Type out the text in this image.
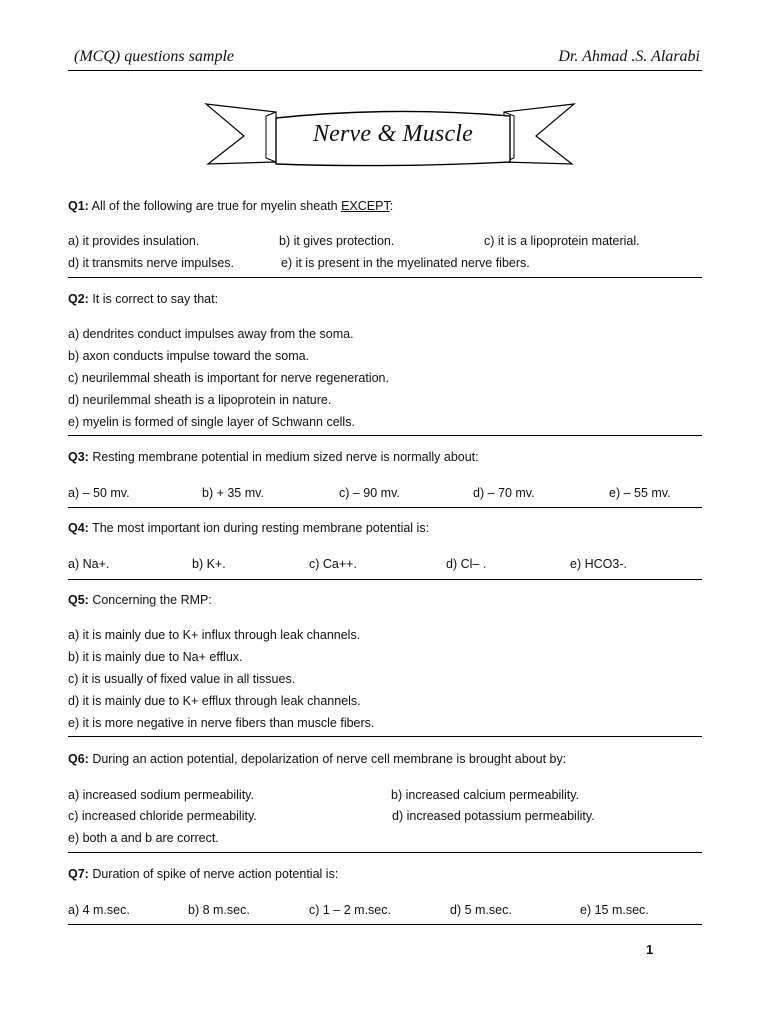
(MCQ) questions sample	Dr. Ahmad .S. Alarabi
Nerve & Muscle
Q1: All of the following are true for myelin sheath EXCEPT:
a) it provides insulation.	b) it gives protection.	c) it is a lipoprotein material.
d) it transmits nerve impulses.	e) it is present in the myelinated nerve fibers.
Q2: It is correct to say that:
a) dendrites conduct impulses away from the soma.
b) axon conducts impulse toward the soma.
c) neurilemmal sheath is important for nerve regeneration.
d) neurilemmal sheath is a lipoprotein in nature.
e) myelin is formed of single layer of Schwann cells.
Q3: Resting membrane potential in medium sized nerve is normally about:
a) – 50 mv.	b) + 35 mv.	c) – 90 mv.	d) – 70 mv.	e) – 55 mv.
Q4: The most important ion during resting membrane potential is:
a) Na+.	b) K+.	c) Ca++.	d) Cl– .	e) HCO3-.
Q5: Concerning the RMP:
a) it is mainly due to K+ influx through leak channels.
b) it is mainly due to Na+ efflux.
c) it is usually of fixed value in all tissues.
d) it is mainly due to K+ efflux through leak channels.
e) it is more negative in nerve fibers than muscle fibers.
Q6: During an action potential, depolarization of nerve cell membrane is brought about by:
a) increased sodium permeability.	b) increased calcium permeability.
c) increased chloride permeability.	d) increased potassium permeability.
e) both a and b are correct.
Q7: Duration of spike of nerve action potential is:
a) 4 m.sec.	b) 8 m.sec.	c) 1 – 2 m.sec.	d) 5 m.sec.	e) 15 m.sec.
1
